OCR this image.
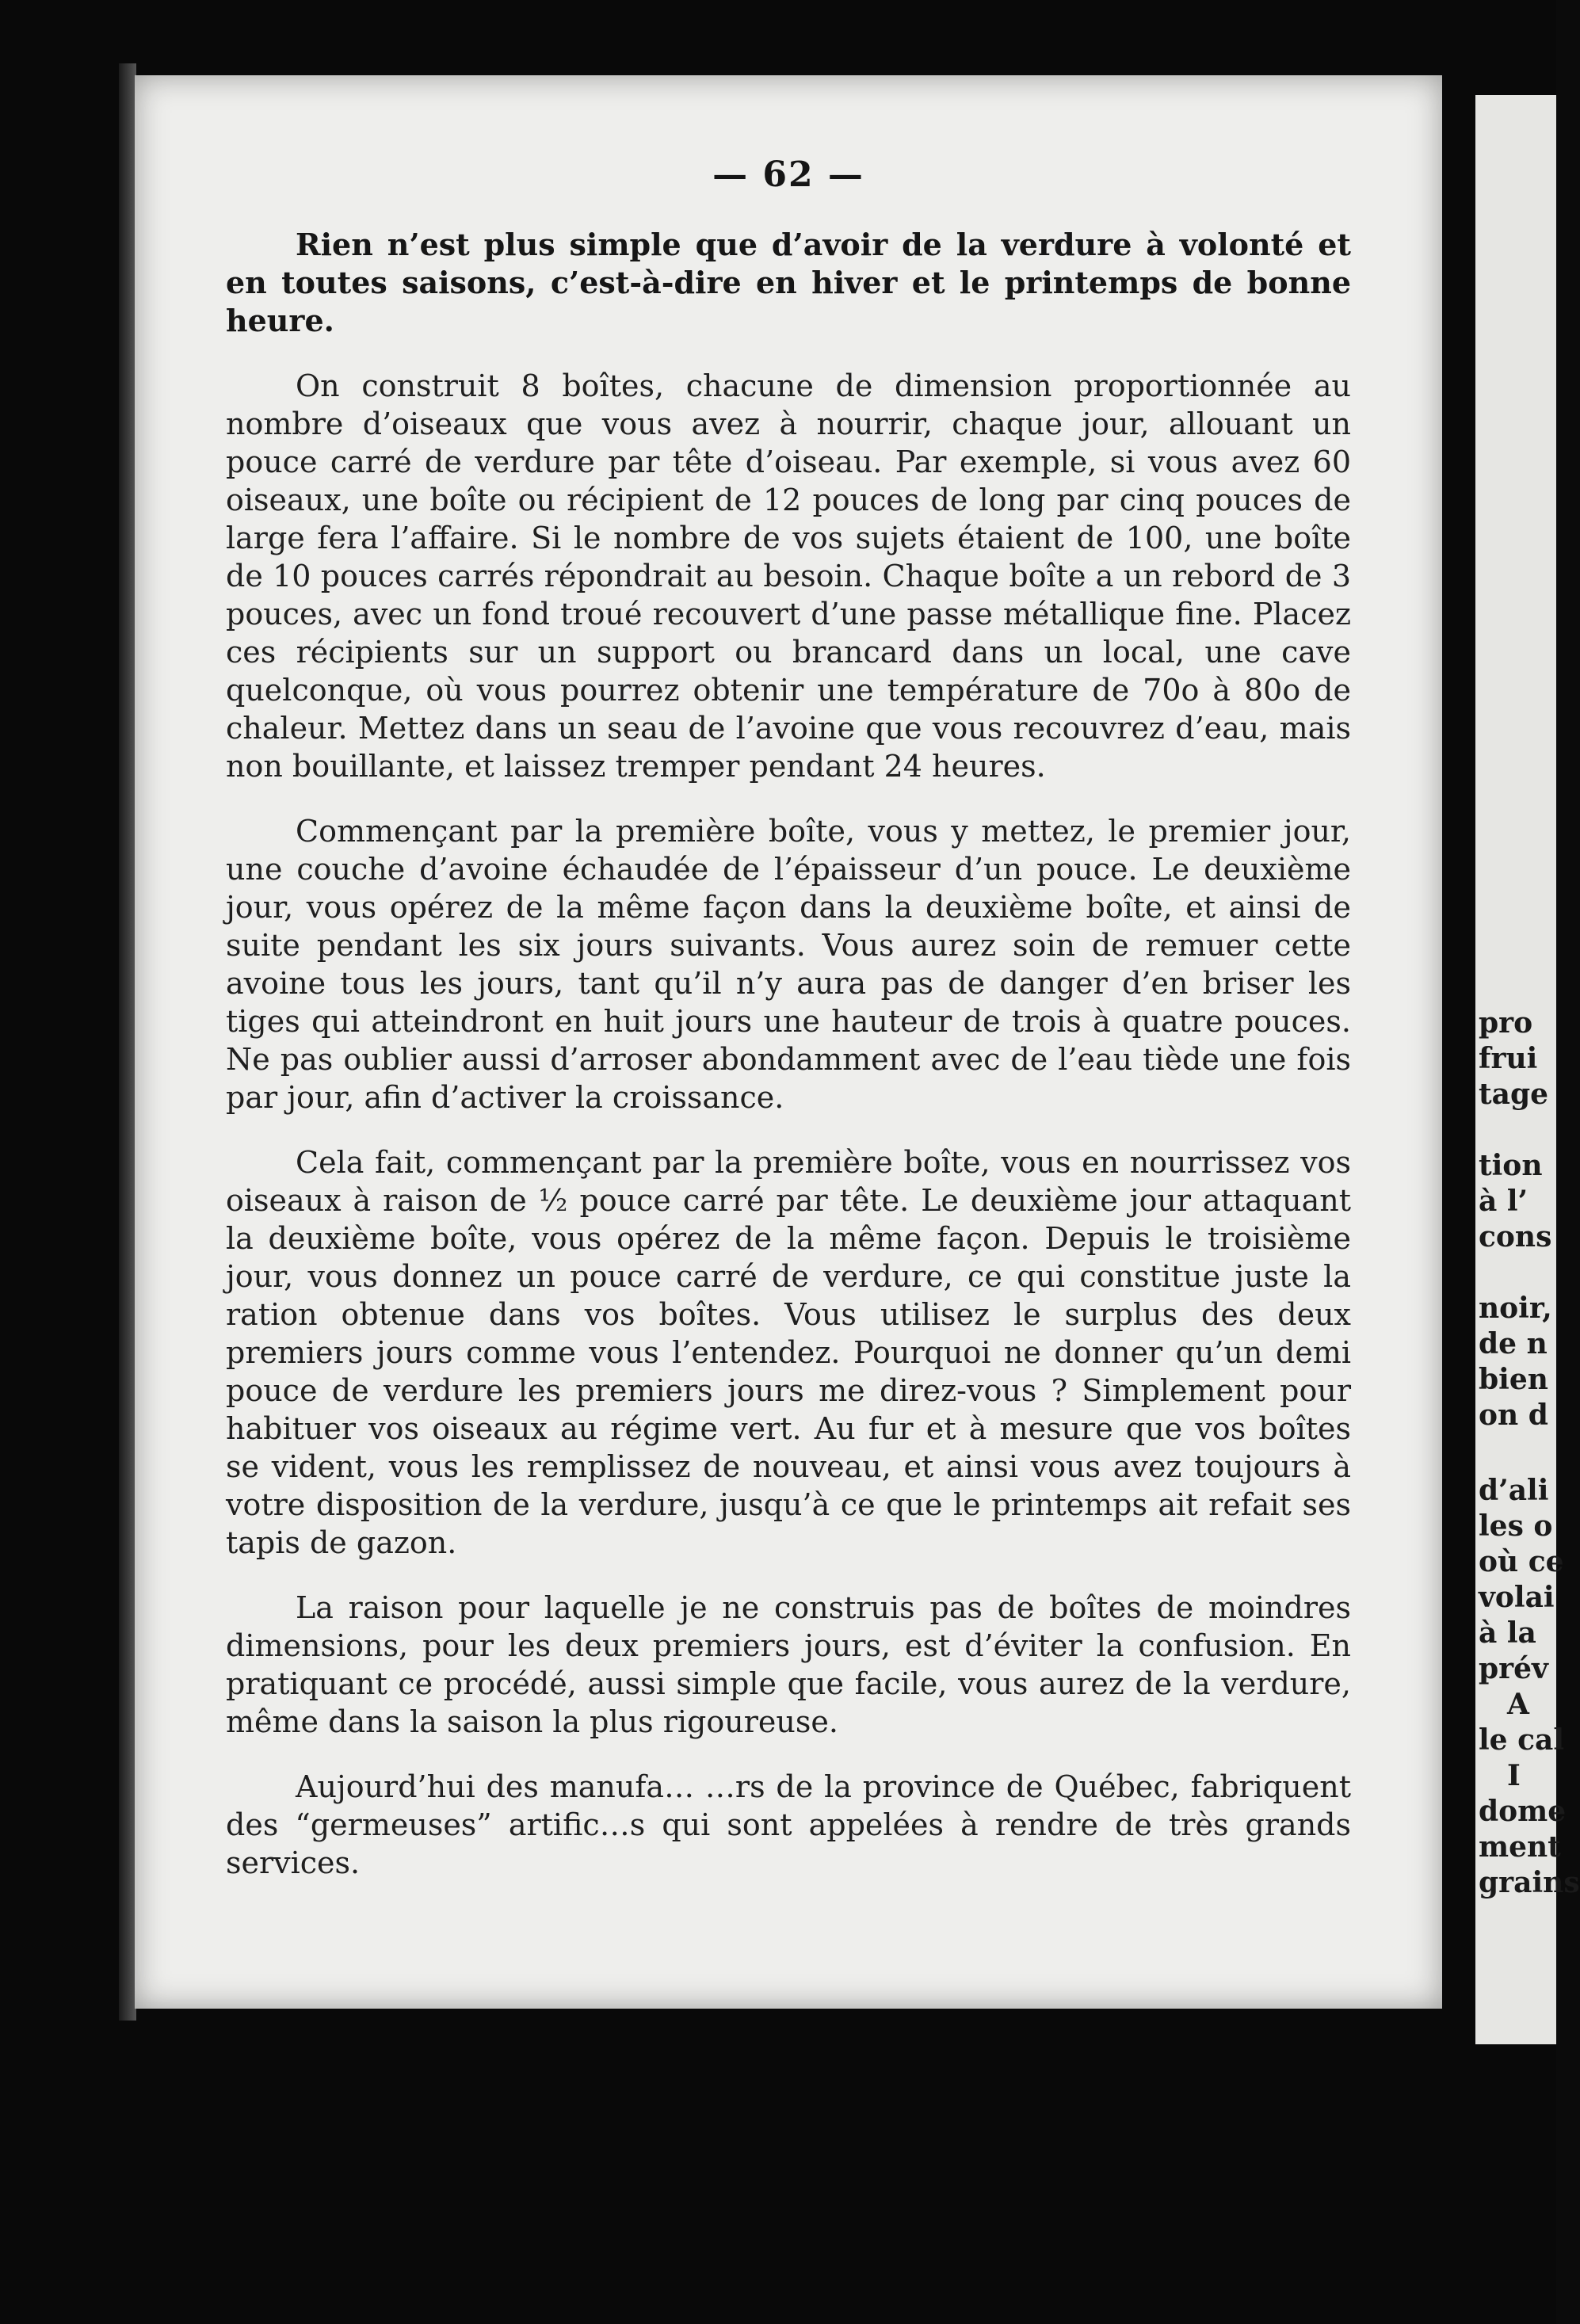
— 62 —

Rien n’est plus simple que d’avoir de la verdure à volonté et en toutes saisons, c’est-à-dire en hiver et le printemps de bonne heure.

On construit 8 boîtes, chacune de dimension proportionnée au nombre d’oiseaux que vous avez à nourrir, chaque jour, allouant un pouce carré de verdure par tête d’oiseau. Par exemple, si vous avez 60 oiseaux, une boîte ou récipient de 12 pouces de long par cinq pouces de large fera l’affaire. Si le nombre de vos sujets étaient de 100, une boîte de 10 pouces carrés répondrait au besoin. Chaque boîte a un rebord de 3 pouces, avec un fond troué recouvert d’une passe métallique fine. Placez ces récipients sur un support ou brancard dans un local, une cave quelconque, où vous pourrez obtenir une température de 70o à 80o de chaleur. Mettez dans un seau de l’avoine que vous recouvrez d’eau, mais non bouillante, et laissez tremper pendant 24 heures.

Commençant par la première boîte, vous y mettez, le premier jour, une couche d’avoine échaudée de l’épaisseur d’un pouce. Le deuxième jour, vous opérez de la même façon dans la deuxième boîte, et ainsi de suite pendant les six jours suivants. Vous aurez soin de remuer cette avoine tous les jours, tant qu’il n’y aura pas de danger d’en briser les tiges qui atteindront en huit jours une hauteur de trois à quatre pouces. Ne pas oublier aussi d’arroser abondamment avec de l’eau tiède une fois par jour, afin d’activer la croissance.

Cela fait, commençant par la première boîte, vous en nourrissez vos oiseaux à raison de ½ pouce carré par tête. Le deuxième jour attaquant la deuxième boîte, vous opérez de la même façon. Depuis le troisième jour, vous donnez un pouce carré de verdure, ce qui constitue juste la ration obtenue dans vos boîtes. Vous utilisez le surplus des deux premiers jours comme vous l’entendez. Pourquoi ne donner qu’un demi pouce de verdure les premiers jours me direz-vous ? Simplement pour habituer vos oiseaux au régime vert. Au fur et à mesure que vos boîtes se vident, vous les remplissez de nouveau, et ainsi vous avez toujours à votre disposition de la verdure, jusqu’à ce que le printemps ait refait ses tapis de gazon.

La raison pour laquelle je ne construis pas de boîtes de moindres dimensions, pour les deux premiers jours, est d’éviter la confusion. En pratiquant ce procédé, aussi simple que facile, vous aurez de la verdure, même dans la saison la plus rigoureuse.

Aujourd’hui des manufa… …rs de la province de Québec, fabriquent des “germeuses” artific…s qui sont appelées à rendre de très grands services.

pro
frui
tage
tion
à l’
cons
noir,
de n
bien
on d
d’ali
les o
où ce
volai
à la
prév
A
le cal
I
dome
ment
grains
